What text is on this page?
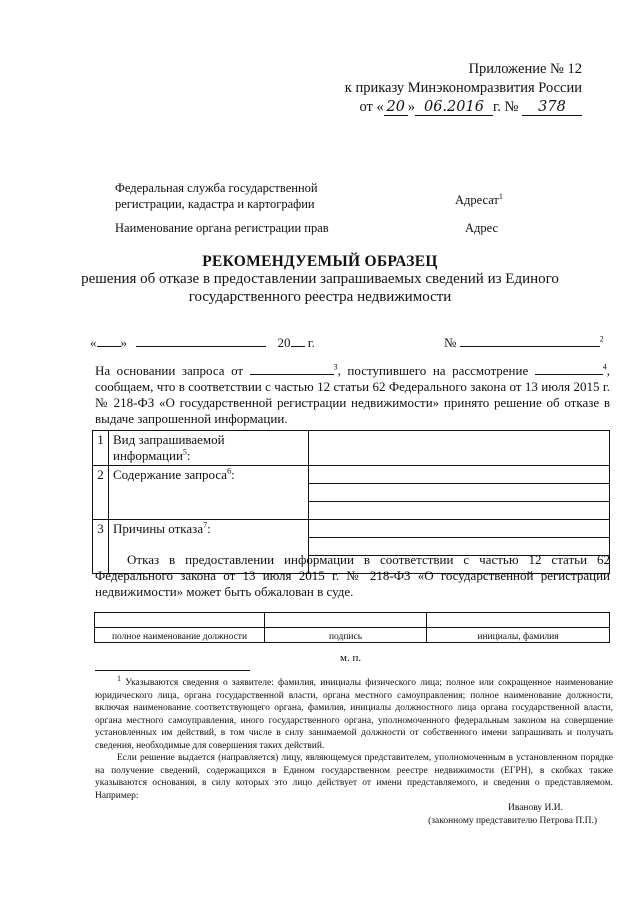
Приложение № 12
к приказу Минэкономразвития России
от « 20 » 06.2016 г. № 378
Федеральная служба государственной
регистрации, кадастра и картографии
Наименование органа регистрации прав
Адресат$^1$
Адрес
РЕКОМЕНДУЕМЫЙ ОБРАЗЕЦ
решения об отказе в предоставлении запрашиваемых сведений из Единого
государственного реестра недвижимости
« »	20 г.	№	$^2$
На основании запроса от	$^3$, поступившего на рассмотрение	$^4$,
сообщаем, что в соответствии с частью 12 статьи 62 Федерального закона от 13 июля 2015 г. № 218-ФЗ «О государственной регистрации недвижимости» принято решение об отказе в выдаче запрошенной информации.
1	Вид запрашиваемой информации$^5$:	
2	Содержание запроса$^6$:	

3	Причины отказа$^7$:	

Отказ в предоставлении информации в соответствии с частью 12 статьи 62 Федерального закона от 13 июля 2015 г. № 218-ФЗ «О государственной регистрации недвижимости» может быть обжалован в суде.

полное наименование должности	подпись	инициалы, фамилия
м. п.
$^1$ Указываются сведения о заявителе: фамилия, инициалы физического лица; полное или сокращенное наименование юридического лица, органа государственной власти, органа местного самоуправления; полное наименование должности, включая наименование соответствующего органа, фамилия, инициалы должностного лица органа государственной власти, органа местного самоуправления, иного государственного органа, уполномоченного федеральным законом на совершение установленных им действий, в том числе в силу занимаемой должности от собственного имени запрашивать и получать сведения, необходимые для совершения таких действий.
Если решение выдается (направляется) лицу, являющемуся представителем, уполномоченным в установленном порядке на получение сведений, содержащихся в Едином государственном реестре недвижимости (ЕГРН), в скобках также указываются основания, в силу которых это лицо действует от имени представляемого, и сведения о представляемом. Например:
Иванову И.И.
(законному представителю Петрова П.П.)
